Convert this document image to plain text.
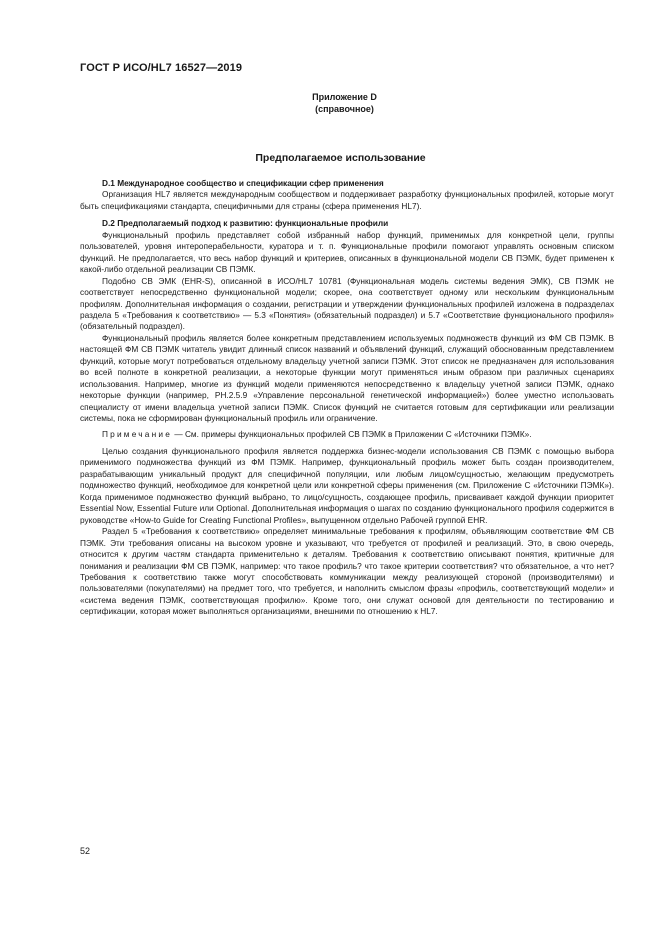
ГОСТ Р ИСО/HL7 16527—2019
Приложение D
(справочное)
Предполагаемое использование
D.1 Международное сообщество и спецификации сфер применения

Организация HL7 является международным сообществом и поддерживает разработку функциональных профилей, которые могут быть спецификациями стандарта, специфичными для страны (сфера применения HL7).

D.2 Предполагаемый подход к развитию: функциональные профили

Функциональный профиль представляет собой избранный набор функций, применимых для конкретной цели, группы пользователей, уровня интероперабельности, куратора и т. п. Функциональные профили помогают управлять основным списком функций. Не предполагается, что весь набор функций и критериев, описанных в функциональной модели СВ ПЭМК, будет применен к какой-либо отдельной реализации СВ ПЭМК.

Подобно СВ ЭМК (EHR-S), описанной в ИСО/HL7 10781 (Функциональная модель системы ведения ЭМК), СВ ПЭМК не соответствует непосредственно функциональной модели; скорее, она соответствует одному или нескольким функциональным профилям. Дополнительная информация о создании, регистрации и утверждении функциональных профилей изложена в подразделах раздела 5 «Требования к соответствию» — 5.3 «Понятия» (обязательный подраздел) и 5.7 «Соответствие функционального профиля» (обязательный подраздел).

Функциональный профиль является более конкретным представлением используемых подмножеств функций из ФМ СВ ПЭМК. В настоящей ФМ СВ ПЭМК читатель увидит длинный список названий и объявлений функций, служащий обоснованным представлением функций, которые могут потребоваться отдельному владельцу учетной записи ПЭМК. Этот список не предназначен для использования во всей полноте в конкретной реализации, а некоторые функции могут применяться иным образом при различных сценариях использования. Например, многие из функций модели применяются непосредственно к владельцу учетной записи ПЭМК, однако некоторые функции (например, PH.2.5.9 «Управление персональной генетической информацией») более уместно использовать специалисту от имени владельца учетной записи ПЭМК. Список функций не считается готовым для сертификации или реализации системы, пока не сформирован функциональный профиль или ограничение.

Примечание — См. примеры функциональных профилей СВ ПЭМК в Приложении С «Источники ПЭМК».

Целью создания функционального профиля является поддержка бизнес-модели использования СВ ПЭМК с помощью выбора применимого подмножества функций из ФМ ПЭМК. Например, функциональный профиль может быть создан производителем, разрабатывающим уникальный продукт для специфичной популяции, или любым лицом/сущностью, желающим предусмотреть подмножество функций, необходимое для конкретной цели или конкретной сферы применения (см. Приложение С «Источники ПЭМК»). Когда применимое подмножество функций выбрано, то лицо/сущность, создающее профиль, присваивает каждой функции приоритет Essential Now, Essential Future или Optional. Дополнительная информация о шагах по созданию функционального профиля содержится в руководстве «How-to Guide for Creating Functional Profiles», выпущенном отдельно Рабочей группой EHR.

Раздел 5 «Требования к соответствию» определяет минимальные требования к профилям, объявляющим соответствие ФМ СВ ПЭМК. Эти требования описаны на высоком уровне и указывают, что требуется от профилей и реализаций. Это, в свою очередь, относится к другим частям стандарта применительно к деталям. Требования к соответствию описывают понятия, критичные для понимания и реализации ФМ СВ ПЭМК, например: что такое профиль? что такое критерии соответствия? что обязательное, а что нет? Требования к соответствию также могут способствовать коммуникации между реализующей стороной (производителями) и пользователями (покупателями) на предмет того, что требуется, и наполнить смыслом фразы «профиль, соответствующий модели» и «система ведения ПЭМК, соответствующая профилю». Кроме того, они служат основой для деятельности по тестированию и сертификации, которая может выполняться организациями, внешними по отношению к HL7.

52
